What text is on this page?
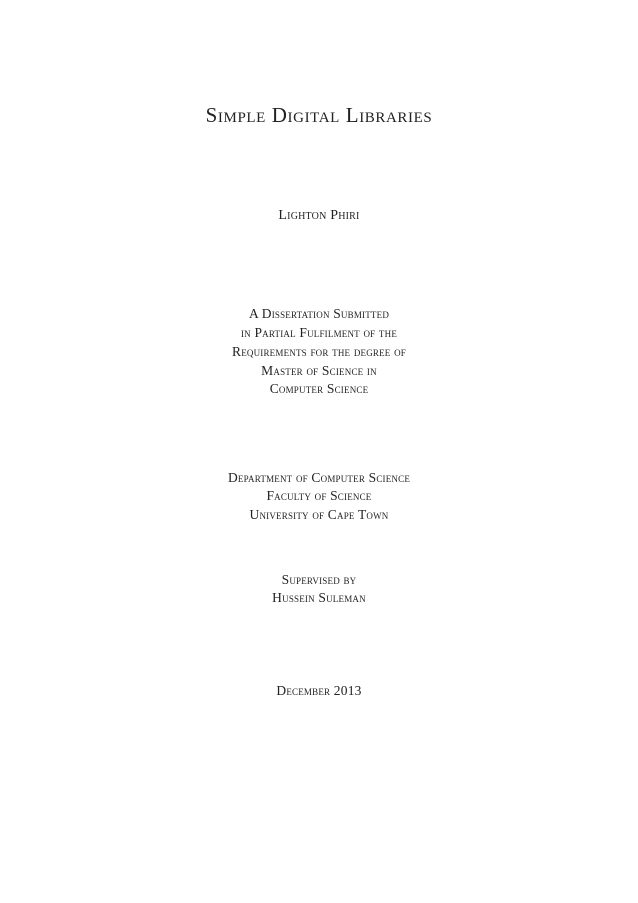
Simple Digital Libraries
Lighton Phiri
A Dissertation Submitted
in Partial Fulfilment of the
Requirements for the degree of
Master of Science in
Computer Science
Department of Computer Science
Faculty of Science
University of Cape Town
Supervised by
Hussein Suleman
December 2013
